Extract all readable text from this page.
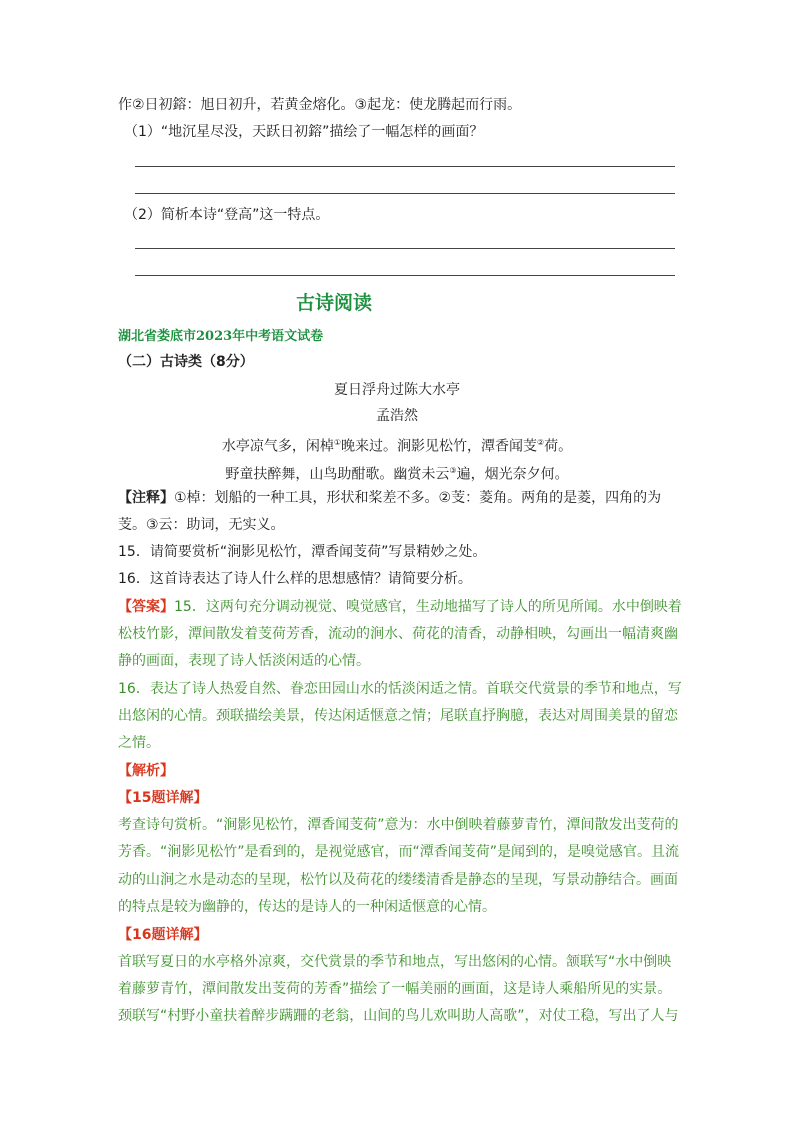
作②日初鎔：旭日初升，若黄金熔化。③起龙：使龙腾起而行雨。
（1）“地沉星尽没，天跃日初鎔”描绘了一幅怎样的画面？
（2）简析本诗“登高”这一特点。
古诗阅读
湖北省娄底市2023年中考语文试卷
（二）古诗类（8分）
夏日浮舟过陈大水亭
孟浩然
水亭凉气多，闲棹①晚来过。涧影见松竹，潭香闻芰②荷。
野童扶醉舞，山鸟助酣歌。幽赏未云③遍，烟光奈夕何。
【注释】①棹：划船的一种工具，形状和桨差不多。②芰：菱角。两角的是菱，四角的为
芰。③云：助词，无实义。
15．请简要赏析“涧影见松竹，潭香闻芰荷”写景精妙之处。
16．这首诗表达了诗人什么样的思想感情？请简要分析。
【答案】15．这两句充分调动视觉、嗅觉感官，生动地描写了诗人的所见所闻。水中倒映着
松枝竹影，潭间散发着芰荷芳香，流动的涧水、荷花的清香，动静相映，勾画出一幅清爽幽
静的画面，表现了诗人恬淡闲适的心情。
16．表达了诗人热爱自然、眷恋田园山水的恬淡闲适之情。首联交代赏景的季节和地点，写
出悠闲的心情。颈联描绘美景，传达闲适惬意之情；尾联直抒胸臆，表达对周围美景的留恋
之情。
【解析】
【15题详解】
考查诗句赏析。“涧影见松竹，潭香闻芰荷”意为：水中倒映着藤萝青竹，潭间散发出芰荷的
芳香。“涧影见松竹”是看到的，是视觉感官，而“潭香闻芰荷”是闻到的，是嗅觉感官。且流
动的山涧之水是动态的呈现，松竹以及荷花的缕缕清香是静态的呈现，写景动静结合。画面
的特点是较为幽静的，传达的是诗人的一种闲适惬意的心情。
【16题详解】
首联写夏日的水亭格外凉爽，交代赏景的季节和地点，写出悠闲的心情。颔联写“水中倒映
着藤萝青竹，潭间散发出芰荷的芳香”描绘了一幅美丽的画面，这是诗人乘船所见的实景。
颈联写“村野小童扶着醉步蹒跚的老翁，山间的鸟儿欢叫助人高歌”，对仗工稳，写出了人与
